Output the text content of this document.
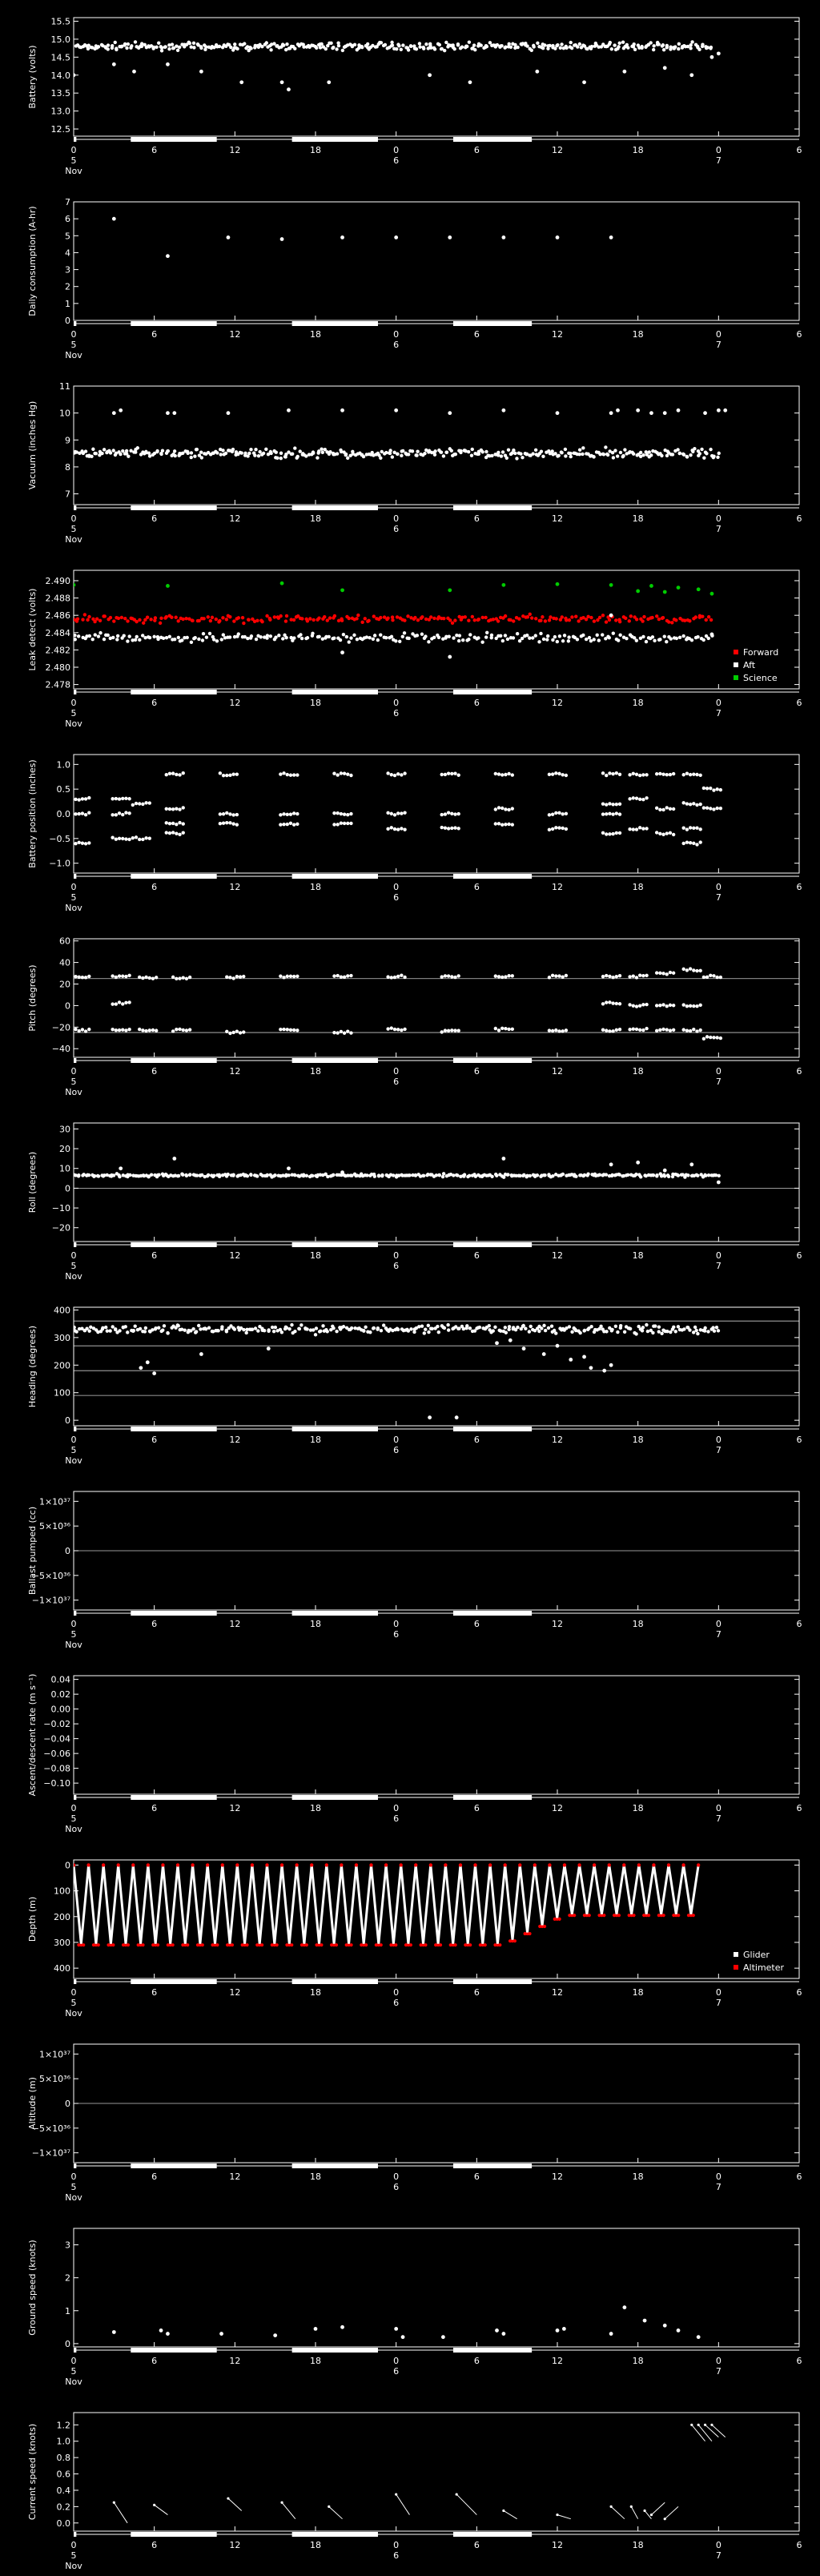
12.5
13.0
13.5
14.0
14.5
15.0
15.5
Battery (volts)
0	6	12	18	0	6	12	18	0	6
5
Nov
6	7
0
1
2
3
4
5
6
7
Daily consumption (A-hr)
0	6	12	18	0	6	12	18	0	6
5
Nov
6	7
7
8
9
10
11
Vacuum (inches Hg)
0	6	12	18	0	6	12	18	0	6
5
Nov
6	7
2.478
2.480
2.482
2.484
2.486
2.488
2.490
Leak detect (volts)
0	6	12	18	0	6	12	18	0	6
5
Nov
6	7
Forward
Aft
Science
−1.0
−0.5
0.0
0.5
1.0
Battery position (inches)
0	6	12	18	0	6	12	18	0	6
5
Nov
6	7
−40
−20
0
20
40
60
Pitch (degrees)
0	6	12	18	0	6	12	18	0	6
5
Nov
6	7
−20
−10
0
10
20
30
Roll (degrees)
0	6	12	18	0	6	12	18	0	6
5
Nov
6	7
0
100
200
300
400
Heading (degrees)
0	6	12	18	0	6	12	18	0	6
5
Nov
6	7
−1×10³⁷
−5×10³⁶
0
5×10³⁶
1×10³⁷
Ballast pumped (cc)
0	6	12	18	0	6	12	18	0	6
5
Nov
6	7
−0.10
−0.08
−0.06
−0.04
−0.02
0.00
0.02
0.04
Ascent/descent rate (m s⁻¹)
0	6	12	18	0	6	12	18	0	6
5
Nov
6	7
0
100
200
300
400
Depth (m)
0	6	12	18	0	6	12	18	0	6
5
Nov
6	7
Glider
Altimeter
−1×10³⁷
−5×10³⁶
0
5×10³⁶
1×10³⁷
Altitude (m)
0	6	12	18	0	6	12	18	0	6
5
Nov
6	7
0
1
2
3
Ground speed (knots)
0	6	12	18	0	6	12	18	0	6
5
Nov
6	7
0.0
0.2
0.4
0.6
0.8
1.0
1.2
Current speed (knots)
0	6	12	18	0	6	12	18	0	6
5
Nov
6	7
